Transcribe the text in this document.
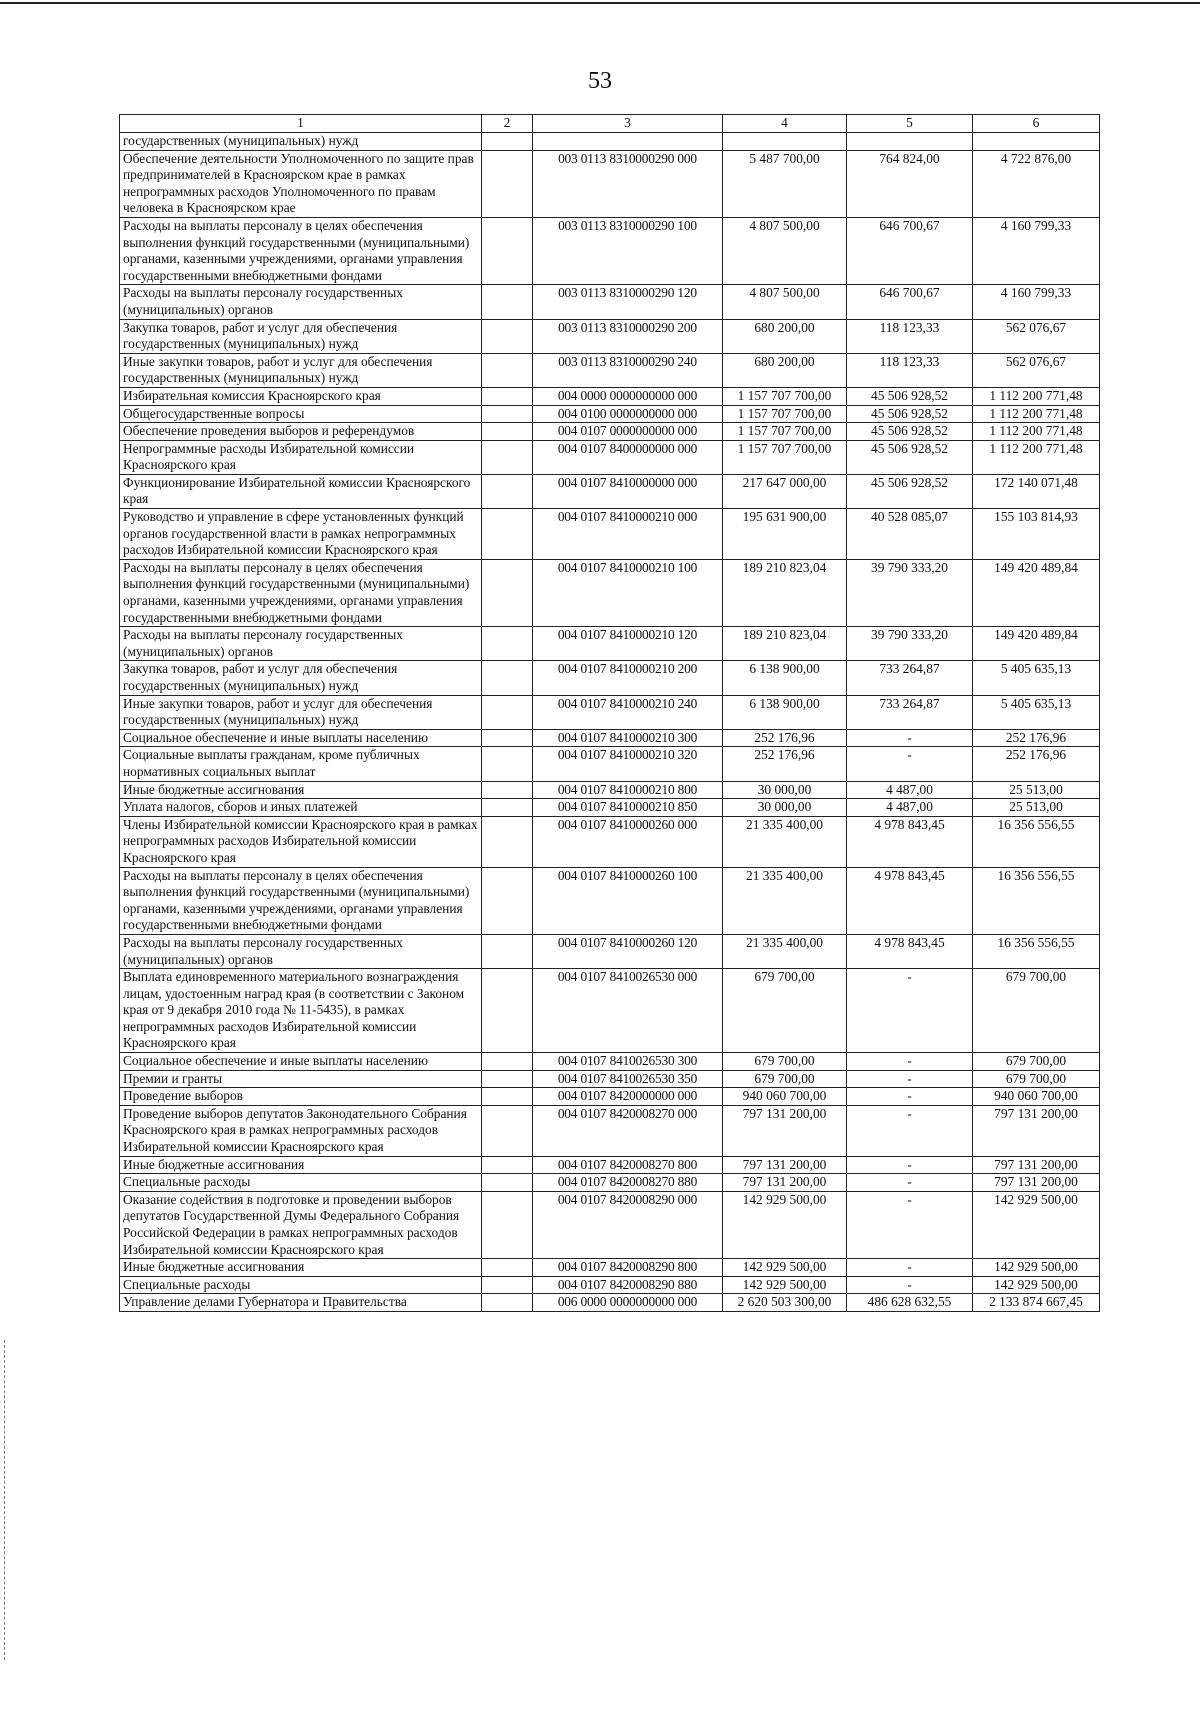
53
1	2	3	4	5	6
государственных (муниципальных) нужд					
Обеспечение деятельности Уполномоченного по защите прав предпринимателей в Красноярском крае в рамках непрограммных расходов Уполномоченного по правам человека в Красноярском крае		003 0113 8310000290 000	5 487 700,00	764 824,00	4 722 876,00
Расходы на выплаты персоналу в целях обеспечения выполнения функций государственными (муниципальными) органами, казенными учреждениями, органами управления государственными внебюджетными фондами		003 0113 8310000290 100	4 807 500,00	646 700,67	4 160 799,33
Расходы на выплаты персоналу государственных (муниципальных) органов		003 0113 8310000290 120	4 807 500,00	646 700,67	4 160 799,33
Закупка товаров, работ и услуг для обеспечения государственных (муниципальных) нужд		003 0113 8310000290 200	680 200,00	118 123,33	562 076,67
Иные закупки товаров, работ и услуг для обеспечения государственных (муниципальных) нужд		003 0113 8310000290 240	680 200,00	118 123,33	562 076,67
Избирательная комиссия Красноярского края		004 0000 0000000000 000	1 157 707 700,00	45 506 928,52	1 112 200 771,48
Общегосударственные вопросы		004 0100 0000000000 000	1 157 707 700,00	45 506 928,52	1 112 200 771,48
Обеспечение проведения выборов и референдумов		004 0107 0000000000 000	1 157 707 700,00	45 506 928,52	1 112 200 771,48
Непрограммные расходы Избирательной комиссии Красноярского края		004 0107 8400000000 000	1 157 707 700,00	45 506 928,52	1 112 200 771,48
Функционирование Избирательной комиссии Красноярского края		004 0107 8410000000 000	217 647 000,00	45 506 928,52	172 140 071,48
Руководство и управление в сфере установленных функций органов государственной власти в рамках непрограммных расходов Избирательной комиссии Красноярского края		004 0107 8410000210 000	195 631 900,00	40 528 085,07	155 103 814,93
Расходы на выплаты персоналу в целях обеспечения выполнения функций государственными (муниципальными) органами, казенными учреждениями, органами управления государственными внебюджетными фондами		004 0107 8410000210 100	189 210 823,04	39 790 333,20	149 420 489,84
Расходы на выплаты персоналу государственных (муниципальных) органов		004 0107 8410000210 120	189 210 823,04	39 790 333,20	149 420 489,84
Закупка товаров, работ и услуг для обеспечения государственных (муниципальных) нужд		004 0107 8410000210 200	6 138 900,00	733 264,87	5 405 635,13
Иные закупки товаров, работ и услуг для обеспечения государственных (муниципальных) нужд		004 0107 8410000210 240	6 138 900,00	733 264,87	5 405 635,13
Социальное обеспечение и иные выплаты населению		004 0107 8410000210 300	252 176,96	-	252 176,96
Социальные выплаты гражданам, кроме публичных нормативных социальных выплат		004 0107 8410000210 320	252 176,96	-	252 176,96
Иные бюджетные ассигнования		004 0107 8410000210 800	30 000,00	4 487,00	25 513,00
Уплата налогов, сборов и иных платежей		004 0107 8410000210 850	30 000,00	4 487,00	25 513,00
Члены Избирательной комиссии Красноярского края в рамках непрограммных расходов Избирательной комиссии Красноярского края		004 0107 8410000260 000	21 335 400,00	4 978 843,45	16 356 556,55
Расходы на выплаты персоналу в целях обеспечения выполнения функций государственными (муниципальными) органами, казенными учреждениями, органами управления государственными внебюджетными фондами		004 0107 8410000260 100	21 335 400,00	4 978 843,45	16 356 556,55
Расходы на выплаты персоналу государственных (муниципальных) органов		004 0107 8410000260 120	21 335 400,00	4 978 843,45	16 356 556,55
Выплата единовременного материального вознаграждения лицам, удостоенным наград края (в соответствии с Законом края от 9 декабря 2010 года № 11-5435), в рамках непрограммных расходов Избирательной комиссии Красноярского края		004 0107 8410026530 000	679 700,00	-	679 700,00
Социальное обеспечение и иные выплаты населению		004 0107 8410026530 300	679 700,00	-	679 700,00
Премии и гранты		004 0107 8410026530 350	679 700,00	-	679 700,00
Проведение выборов		004 0107 8420000000 000	940 060 700,00	-	940 060 700,00
Проведение выборов депутатов Законодательного Собрания Красноярского края в рамках непрограммных расходов Избирательной комиссии Красноярского края		004 0107 8420008270 000	797 131 200,00	-	797 131 200,00
Иные бюджетные ассигнования		004 0107 8420008270 800	797 131 200,00	-	797 131 200,00
Специальные расходы		004 0107 8420008270 880	797 131 200,00	-	797 131 200,00
Оказание содействия в подготовке и проведении выборов депутатов Государственной Думы Федерального Собрания Российской Федерации в рамках непрограммных расходов Избирательной комиссии Красноярского края		004 0107 8420008290 000	142 929 500,00	-	142 929 500,00
Иные бюджетные ассигнования		004 0107 8420008290 800	142 929 500,00	-	142 929 500,00
Специальные расходы		004 0107 8420008290 880	142 929 500,00	-	142 929 500,00
Управление делами Губернатора и Правительства		006 0000 0000000000 000	2 620 503 300,00	486 628 632,55	2 133 874 667,45
